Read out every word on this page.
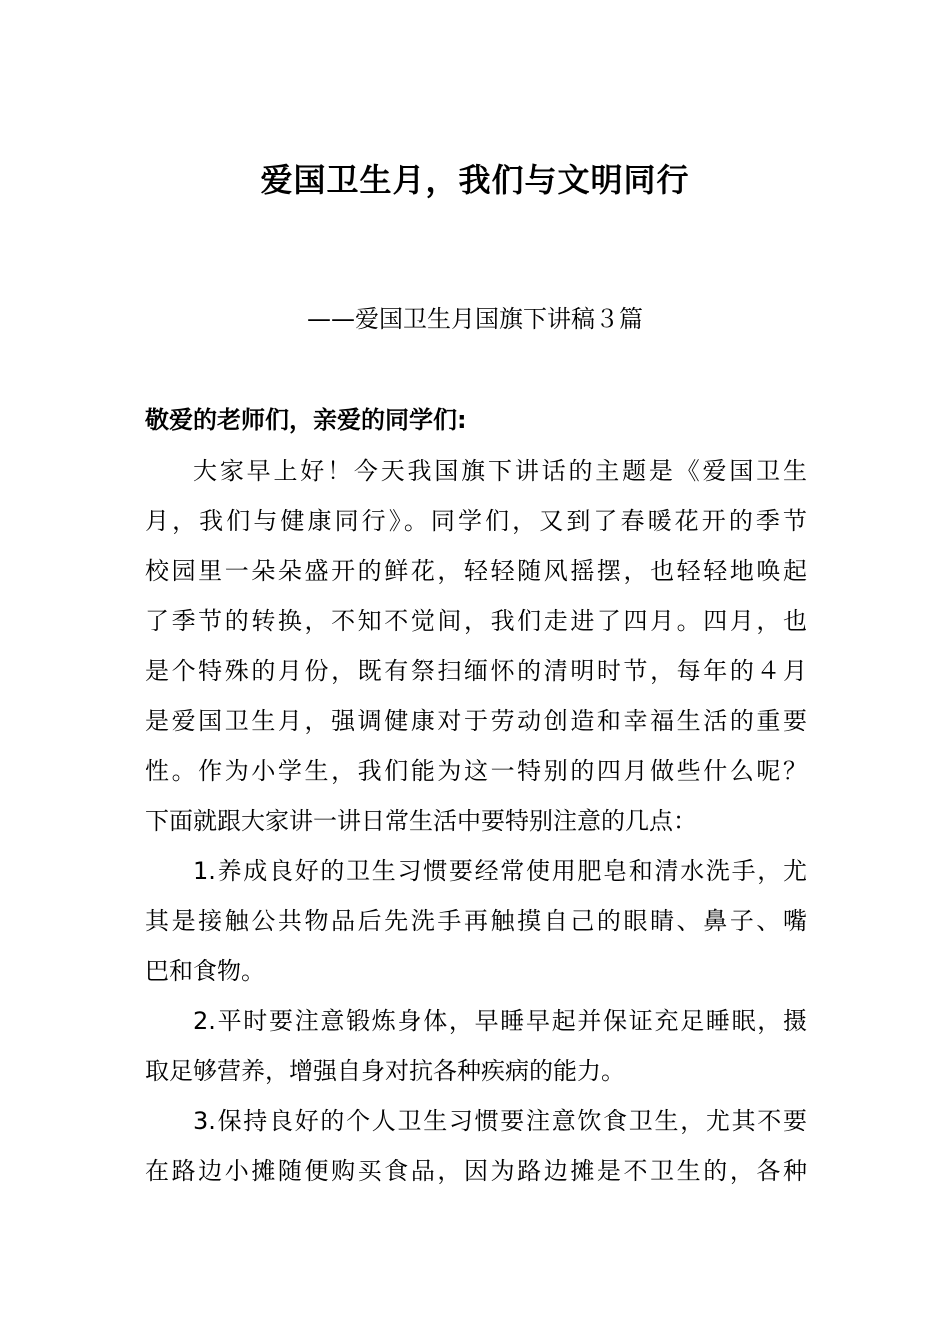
爱国卫生月，我们与文明同行
——爱国卫生月国旗下讲稿３篇
敬爱的老师们，亲爱的同学们:
大家早上好！今天我国旗下讲话的主题是《爱国卫生
月，我们与健康同行》。同学们，又到了春暖花开的季节
校园里一朵朵盛开的鲜花，轻轻随风摇摆，也轻轻地唤起
了季节的转换，不知不觉间，我们走进了四月。四月，也
是个特殊的月份，既有祭扫缅怀的清明时节，每年的４月
是爱国卫生月，强调健康对于劳动创造和幸福生活的重要
性。作为小学生，我们能为这一特别的四月做些什么呢？
下面就跟大家讲一讲日常生活中要特别注意的几点：
1.养成良好的卫生习惯要经常使用肥皂和清水洗手，尤
其是接触公共物品后先洗手再触摸自己的眼睛、鼻子、嘴
巴和食物。
2.平时要注意锻炼身体，早睡早起并保证充足睡眠，摄
取足够营养，增强自身对抗各种疾病的能力。
3.保持良好的个人卫生习惯要注意饮食卫生，尤其不要
在路边小摊随便购买食品，因为路边摊是不卫生的，各种
